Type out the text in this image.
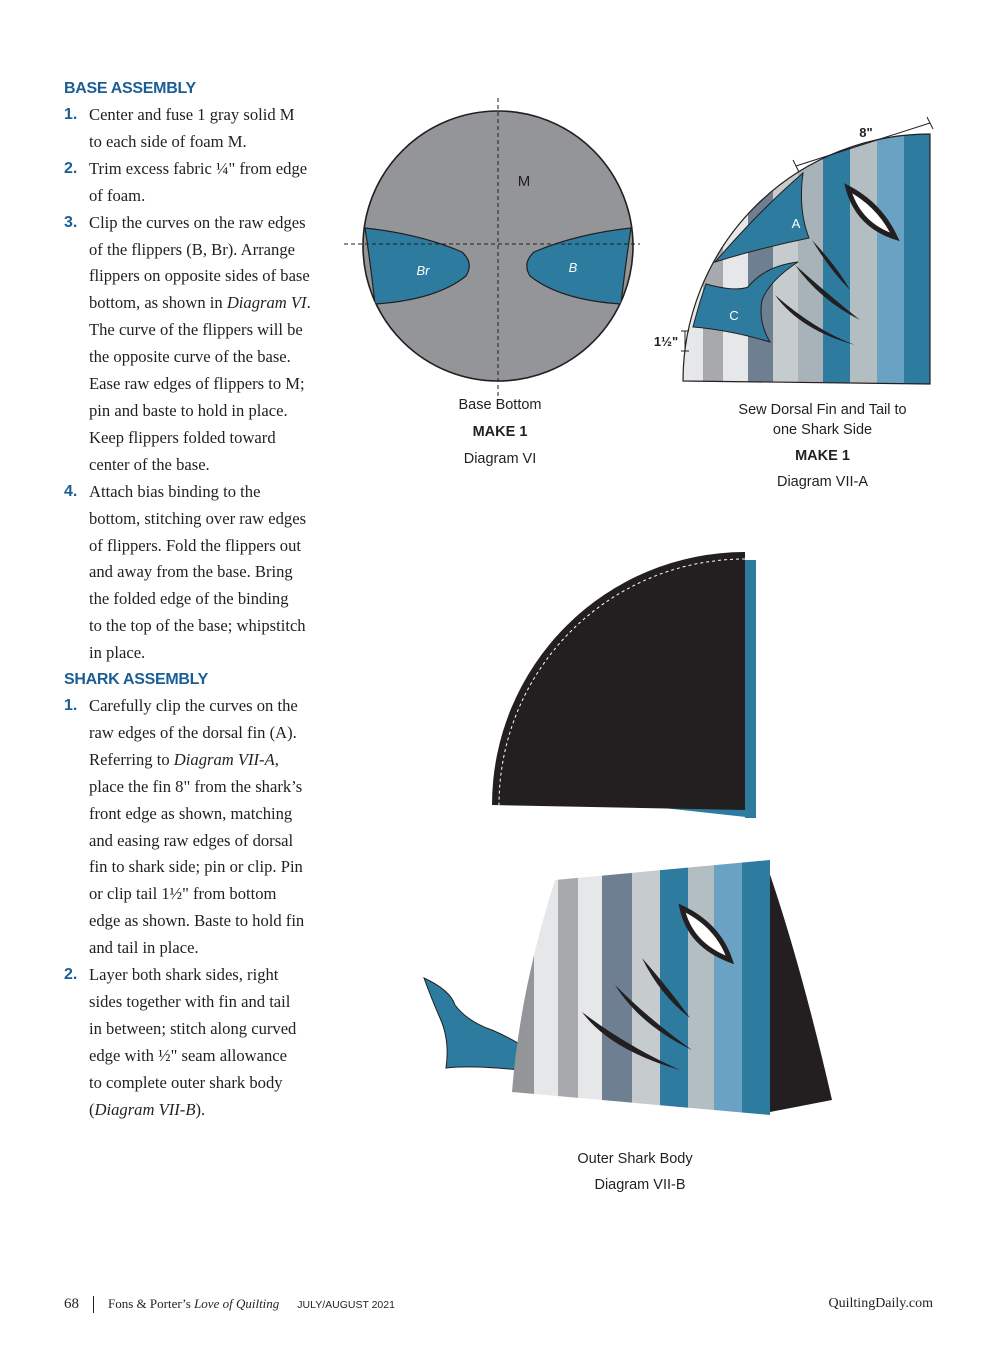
BASE ASSEMBLY
1. Center and fuse 1 gray solid M
to each side of foam M.
2. Trim excess fabric ¼" from edge
of foam.
3. Clip the curves on the raw edges
of the flippers (B, Br). Arrange
flippers on opposite sides of base
bottom, as shown in Diagram VI.
The curve of the flippers will be
the opposite curve of the base.
Ease raw edges of flippers to M;
pin and baste to hold in place.
Keep flippers folded toward
center of the base.
4. Attach bias binding to the
bottom, stitching over raw edges
of flippers. Fold the flippers out
and away from the base. Bring
the folded edge of the binding
to the top of the base; whipstitch
in place.
SHARK ASSEMBLY
1. Carefully clip the curves on the
raw edges of the dorsal fin (A).
Referring to Diagram VII-A,
place the fin 8" from the shark’s
front edge as shown, matching
and easing raw edges of dorsal
fin to shark side; pin or clip. Pin
or clip tail 1½" from bottom
edge as shown. Baste to hold fin
and tail in place.
2. Layer both shark sides, right
sides together with fin and tail
in between; stitch along curved
edge with ½" seam allowance
to complete outer shark body
(Diagram VII-B).
M
Br	B
Base Bottom
MAKE 1
Diagram VI
A
C
8"
1½"
Sew Dorsal Fin and Tail to
one Shark Side
MAKE 1
Diagram VII-A
Outer Shark Body
Diagram VII-B
68 Fons & Porter’s Love of Quilting JULY/AUGUST 2021	QuiltingDaily.com
